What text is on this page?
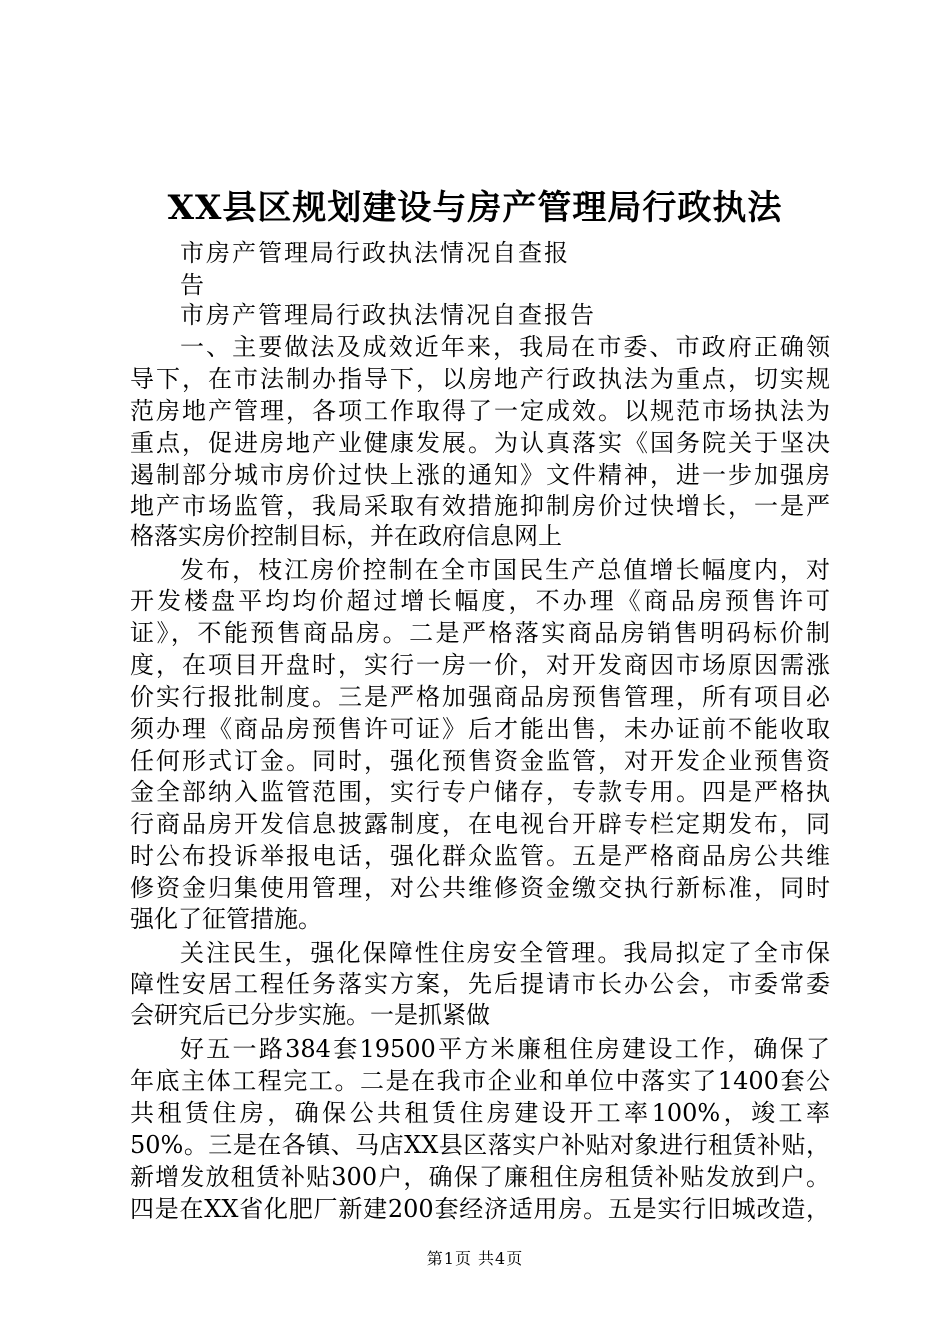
XX县区规划建设与房产管理局行政执法
市房产管理局行政执法情况自查报
告
市房产管理局行政执法情况自查报告
一、主要做法及成效近年来，我局在市委、市政府正确领
导下，在市法制办指导下，以房地产行政执法为重点，切实规
范房地产管理，各项工作取得了一定成效。以规范市场执法为
重点，促进房地产业健康发展。为认真落实《国务院关于坚决
遏制部分城市房价过快上涨的通知》文件精神，进一步加强房
地产市场监管，我局采取有效措施抑制房价过快增长，一是严
格落实房价控制目标，并在政府信息网上
发布，枝江房价控制在全市国民生产总值增长幅度内，对
开发楼盘平均均价超过增长幅度，不办理《商品房预售许可
证》，不能预售商品房。二是严格落实商品房销售明码标价制
度，在项目开盘时，实行一房一价，对开发商因市场原因需涨
价实行报批制度。三是严格加强商品房预售管理，所有项目必
须办理《商品房预售许可证》后才能出售，未办证前不能收取
任何形式订金。同时，强化预售资金监管，对开发企业预售资
金全部纳入监管范围，实行专户储存，专款专用。四是严格执
行商品房开发信息披露制度，在电视台开辟专栏定期发布，同
时公布投诉举报电话，强化群众监管。五是严格商品房公共维
修资金归集使用管理，对公共维修资金缴交执行新标准，同时
强化了征管措施。
关注民生，强化保障性住房安全管理。我局拟定了全市保
障性安居工程任务落实方案，先后提请市长办公会，市委常委
会研究后已分步实施。一是抓紧做
好五一路384套19500平方米廉租住房建设工作，确保了
年底主体工程完工。二是在我市企业和单位中落实了1400套公
共租赁住房，确保公共租赁住房建设开工率100%，竣工率
50%。三是在各镇、马店XX县区落实户补贴对象进行租赁补贴，
新增发放租赁补贴300户，确保了廉租住房租赁补贴发放到户。
四是在XX省化肥厂新建200套经济适用房。五是实行旧城改造，
第1页 共4页
